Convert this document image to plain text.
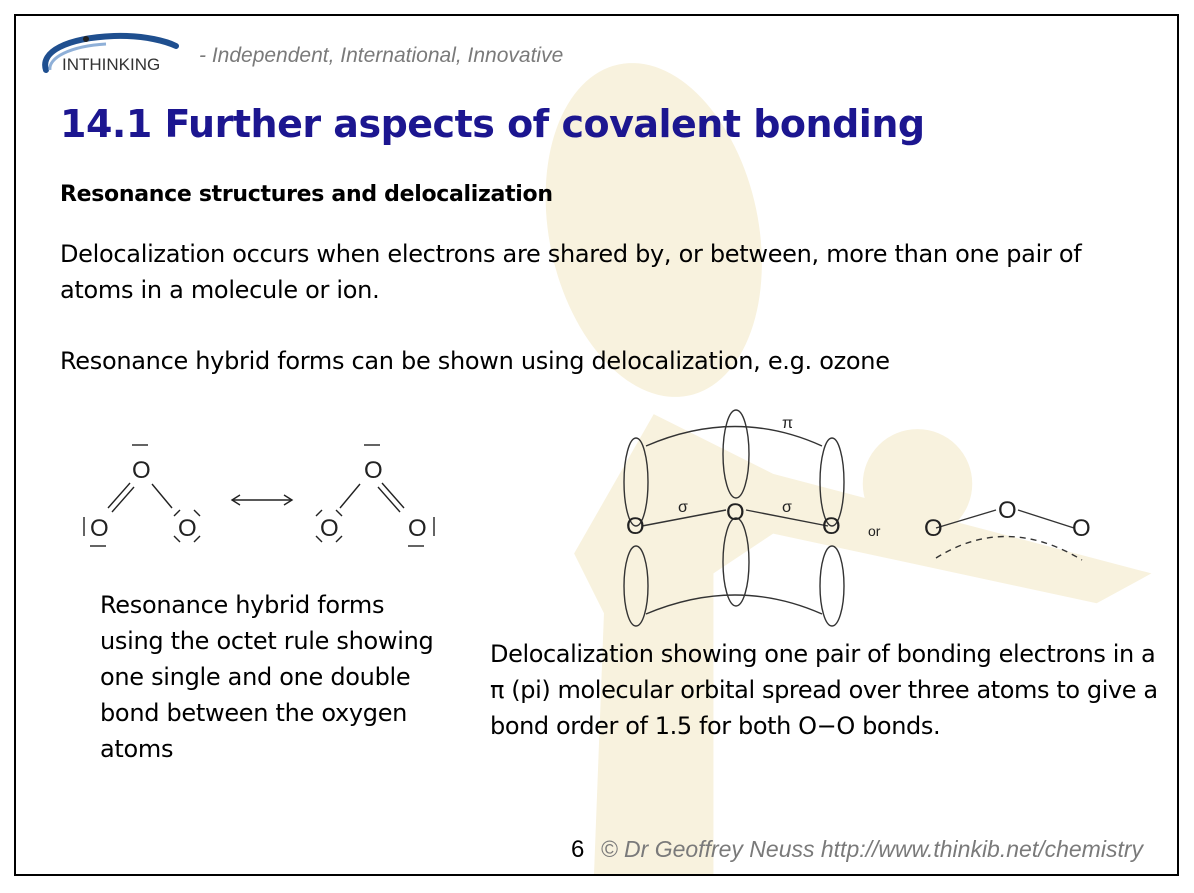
INTHINKING - Independent, International, Innovative
14.1 Further aspects of covalent bonding
Resonance structures and delocalization
Delocalization occurs when electrons are shared by, or between, more than one pair of atoms in a molecule or ion.
Resonance hybrid forms can be shown using delocalization, e.g. ozone
O
O	O
O
O	O	O
O
O	O
O
O
π
σ	σ
or
Resonance hybrid forms using the octet rule showing one single and one double bond between the oxygen atoms
Delocalization showing one pair of bonding electrons in a π (pi) molecular orbital spread over three atoms to give a bond order of 1.5 for both O−O bonds.
6 © Dr Geoffrey Neuss http://www.thinkib.net/chemistry
